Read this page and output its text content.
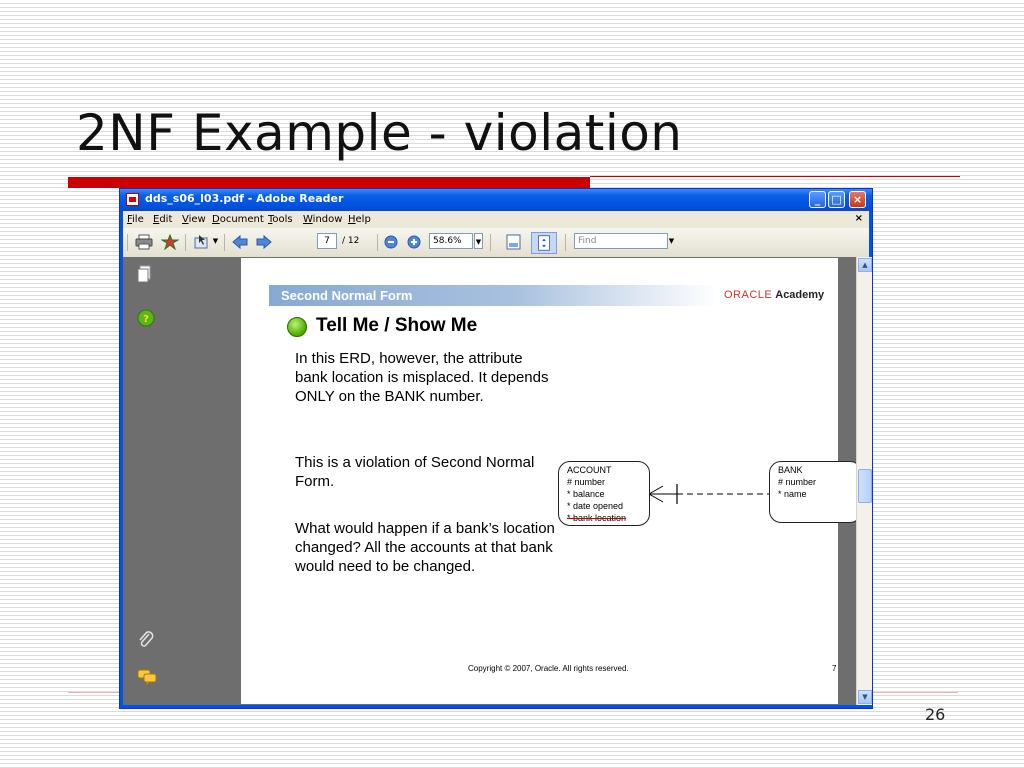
2NF Example - violation
26
dds_s06_l03.pdf - Adobe Reader	_	□	×
File Edit View Document Tools Window Help	×
▼	7	/ 12	58.6%	▼	Find	▼
?
Second Normal Form	ORACLE Academy
Tell Me / Show Me
In this ERD, however, the attribute bank location is misplaced. It depends ONLY on the BANK number.
This is a violation of Second Normal Form.
What would happen if a bank’s location changed? All the accounts at that bank would need to be changed.
ACCOUNT
# number
* balance
* date opened
* bank location
BANK
# number
* name
Copyright © 2007, Oracle. All rights reserved.	7
▲
▼
